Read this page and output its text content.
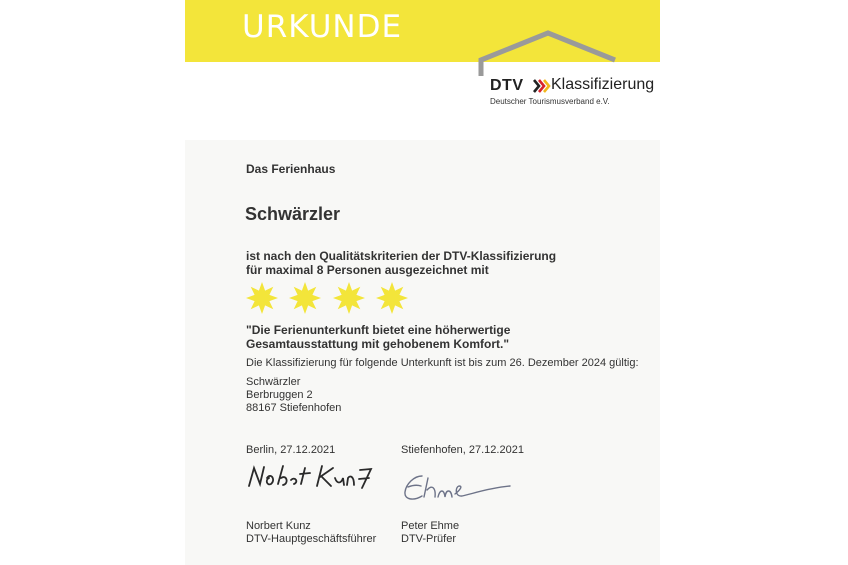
URKUNDE
DTV Klassifizierung
Deutscher Tourismusverband e.V.
Das Ferienhaus
Schwärzler
ist nach den Qualitätskriterien der DTV-Klassifizierung
für maximal 8 Personen ausgezeichnet mit
"Die Ferienunterkunft bietet eine höherwertige
Gesamtausstattung mit gehobenem Komfort."
Die Klassifizierung für folgende Unterkunft ist bis zum 26. Dezember 2024 gültig:
Schwärzler
Berbruggen 2
88167 Stiefenhofen
Berlin, 27.12.2021	Stiefenhofen, 27.12.2021
Norbert Kunz
DTV-Hauptgeschäftsführer
Peter Ehme
DTV-Prüfer
